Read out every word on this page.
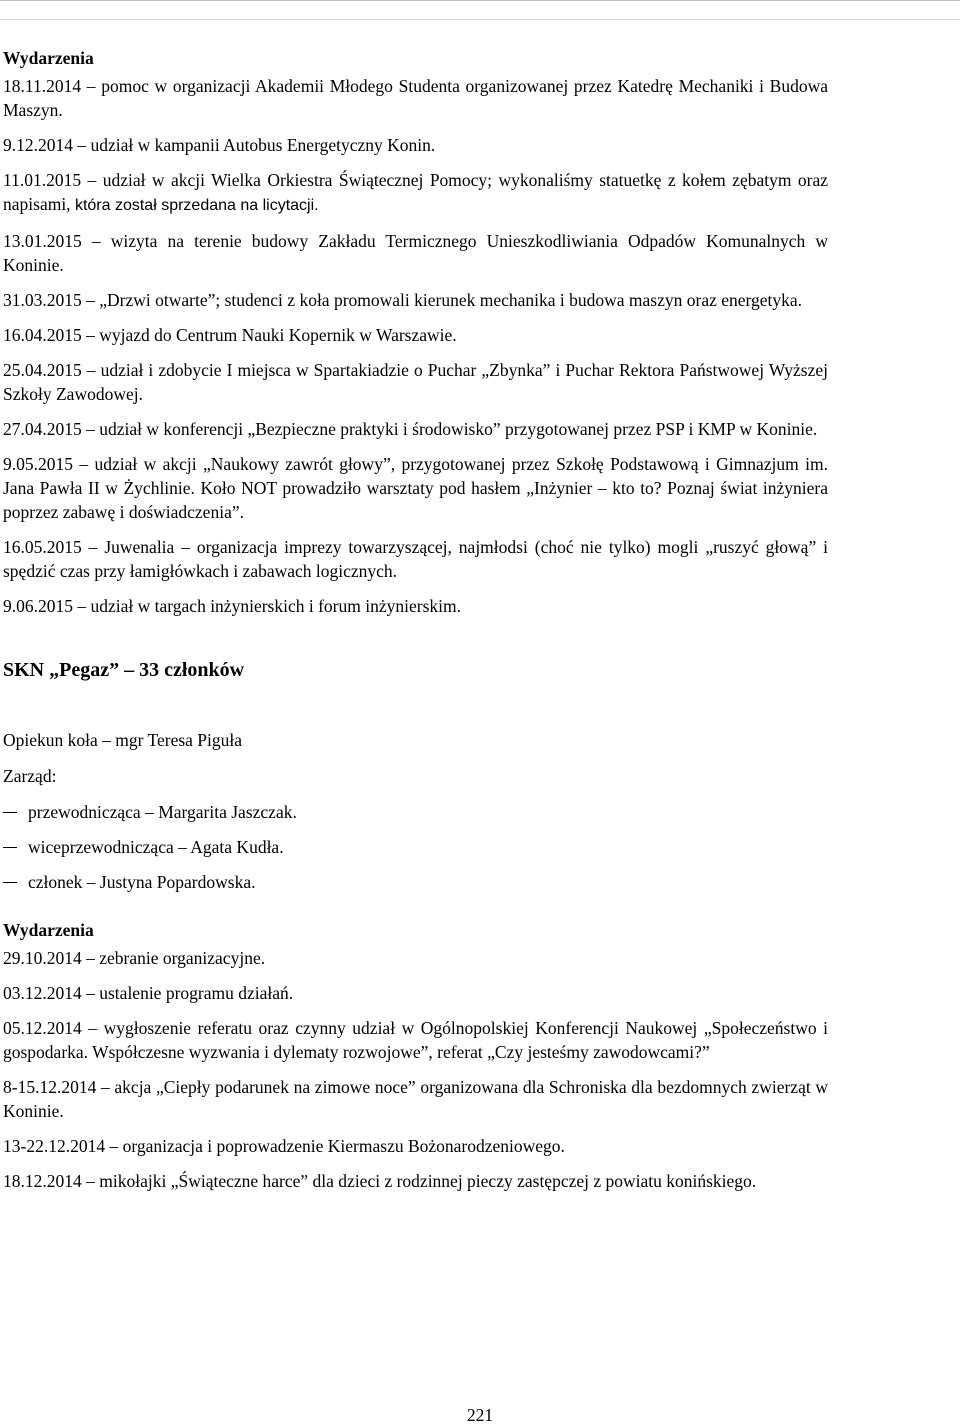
Wydarzenia

18.11.2014 – pomoc w organizacji Akademii Młodego Studenta organizowanej przez Katedrę Mechaniki i Budowa Maszyn.

9.12.2014 – udział w kampanii Autobus Energetyczny Konin.

11.01.2015 – udział w akcji Wielka Orkiestra Świątecznej Pomocy; wykonaliśmy statuetkę z kołem zębatym oraz napisami, która został sprzedana na licytacji.

13.01.2015 – wizyta na terenie budowy Zakładu Termicznego Unieszkodliwiania Odpadów Komunalnych w Koninie.

31.03.2015 – „Drzwi otwarte”; studenci z koła promowali kierunek mechanika i budowa maszyn oraz energetyka.

16.04.2015 – wyjazd do Centrum Nauki Kopernik w Warszawie.

25.04.2015 – udział i zdobycie I miejsca w Spartakiadzie o Puchar „Zbynka” i Puchar Rektora Państwowej Wyższej Szkoły Zawodowej.

27.04.2015 – udział w konferencji „Bezpieczne praktyki i środowisko” przygotowanej przez PSP i KMP w Koninie.

9.05.2015 – udział w akcji „Naukowy zawrót głowy”, przygotowanej przez Szkołę Podstawową i Gimnazjum im. Jana Pawła II w Żychlinie. Koło NOT prowadziło warsztaty pod hasłem „Inżynier – kto to? Poznaj świat inżyniera poprzez zabawę i doświadczenia”.

16.05.2015 – Juwenalia – organizacja imprezy towarzyszącej, najmłodsi (choć nie tylko) mogli „ruszyć głową” i spędzić czas przy łamigłówkach i zabawach logicznych.

9.06.2015 – udział w targach inżynierskich i forum inżynierskim.

SKN „Pegaz” – 33 członków

Opiekun koła – mgr Teresa Piguła

Zarząd:

przewodnicząca – Margarita Jaszczak.
wiceprzewodnicząca – Agata Kudła.
członek – Justyna Popardowska.
Wydarzenia

29.10.2014 – zebranie organizacyjne.

03.12.2014 – ustalenie programu działań.

05.12.2014 – wygłoszenie referatu oraz czynny udział w Ogólnopolskiej Konferencji Naukowej „Społeczeństwo i gospodarka. Współczesne wyzwania i dylematy rozwojowe”, referat „Czy jesteśmy zawodowcami?”

8-15.12.2014 – akcja „Ciepły podarunek na zimowe noce” organizowana dla Schroniska dla bezdomnych zwierząt w Koninie.

13-22.12.2014 – organizacja i poprowadzenie Kiermaszu Bożonarodzeniowego.

18.12.2014 – mikołajki „Świąteczne harce” dla dzieci z rodzinnej pieczy zastępczej z powiatu konińskiego.

221
